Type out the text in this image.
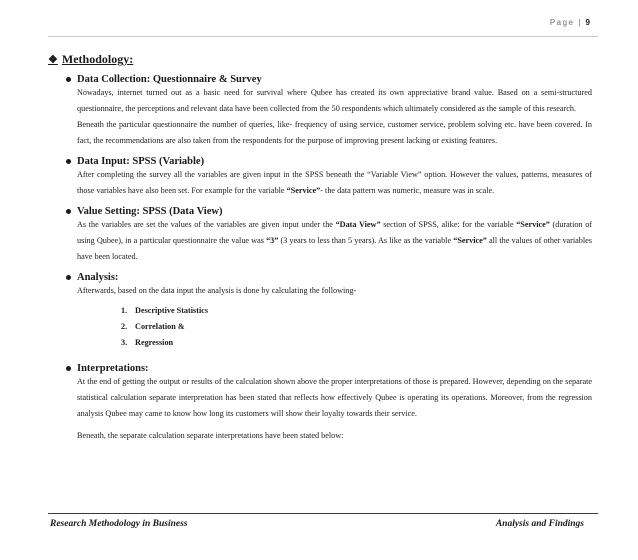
Page | 9
❖ Methodology:
Data Collection: Questionnaire & Survey
Nowadays, internet turned out as a basic need for survival where Qubee has created its own appreciative brand value. Based on a semi-structured questionnaire, the perceptions and relevant data have been collected from the 50 respondents which ultimately considered as the sample of this research.
Beneath the particular questionnaire the number of queries, like- frequency of using service, customer service, problem solving etc. have been covered. In fact, the recommendations are also taken from the respondents for the purpose of improving present lacking or existing features.
Data Input: SPSS (Variable)
After completing the survey all the variables are given input in the SPSS beneath the “Variable View” option. However the values, patterns, measures of those variables have also been set. For example for the variable “Service”- the data pattern was numeric, measure was in scale.
Value Setting: SPSS (Data View)
As the variables are set the values of the variables are given input under the “Data View” section of SPSS, alike: for the variable “Service” (duration of using Qubee), in a particular questionnaire the value was “3” (3 years to less than 5 years). As like as the variable “Service” all the values of other variables have been located.
Analysis:
Afterwards, based on the data input the analysis is done by calculating the following-
1. Descriptive Statistics
2. Correlation &
3. Regression
Interpretations:
At the end of getting the output or results of the calculation shown above the proper interpretations of those is prepared. However, depending on the separate statistical calculation separate interpretation has been stated that reflects how effectively Qubee is operating its operations. Moreover, from the regression analysis Qubee may came to know how long its customers will show their loyalty towards their service.
Beneath, the separate calculation separate interpretations have been stated below:
Research Methodology in Business	Analysis and Findings
